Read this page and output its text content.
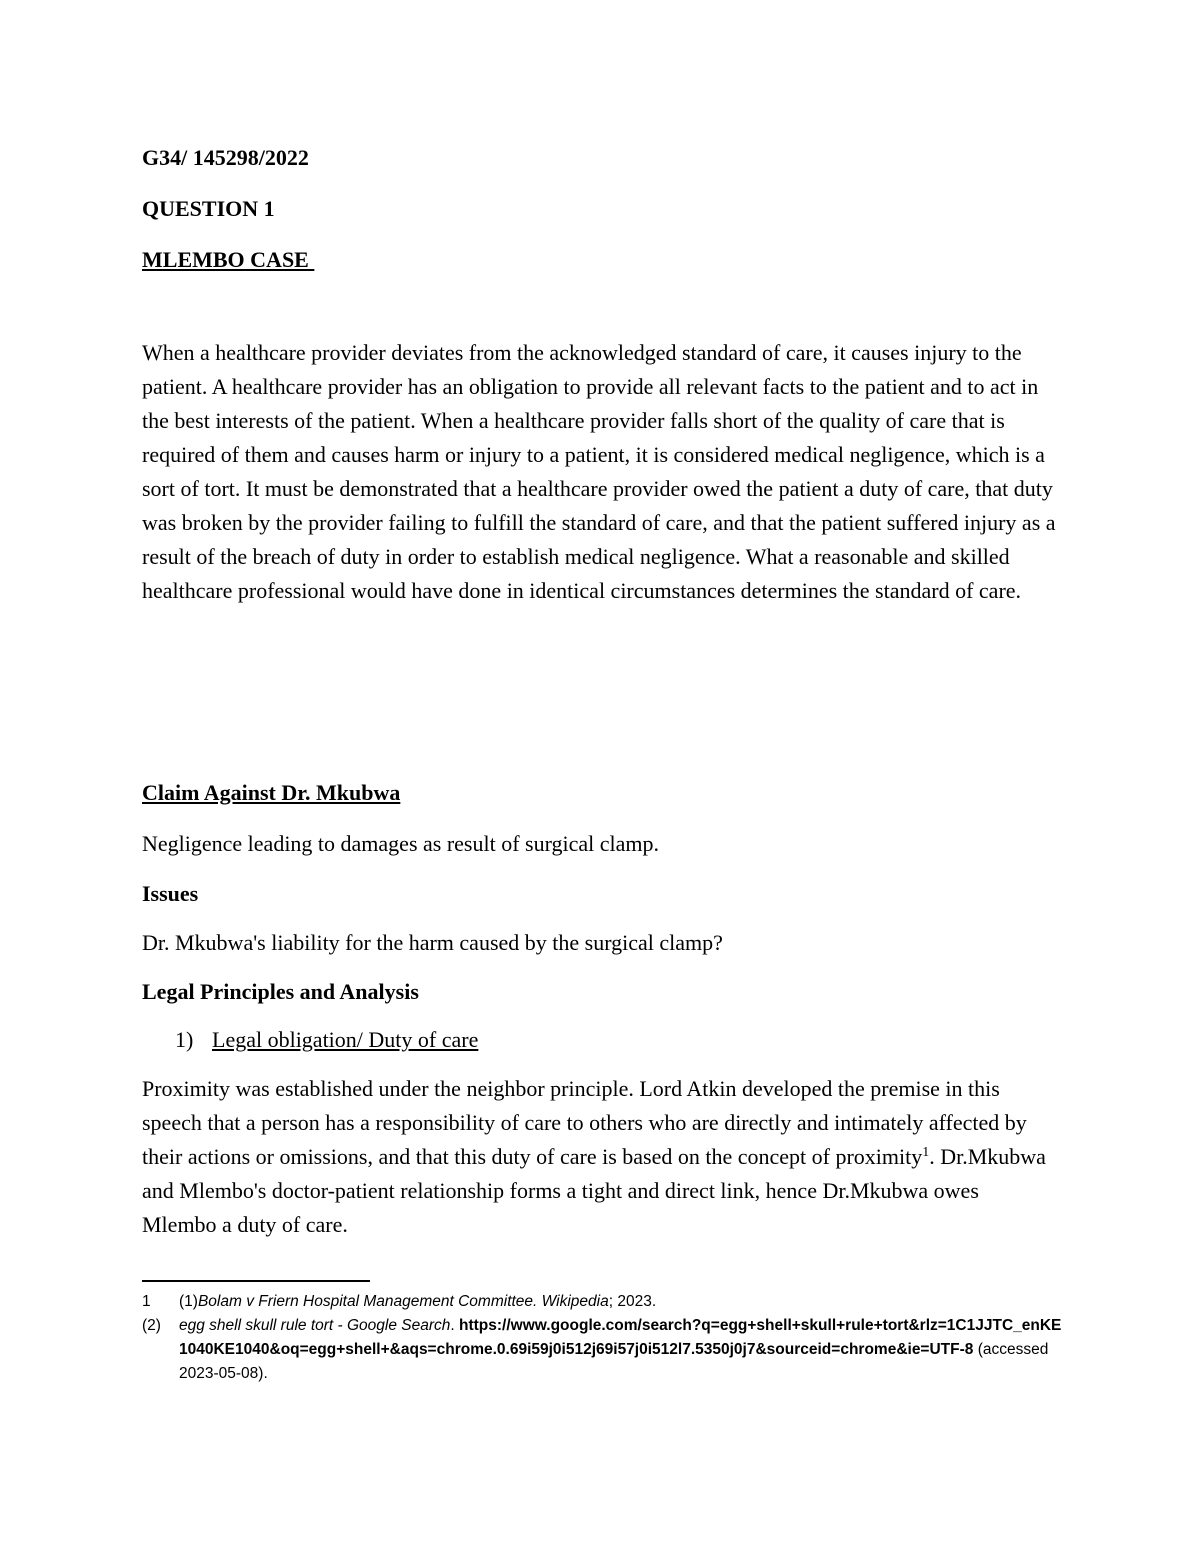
G34/ 145298/2022
QUESTION 1
MLEMBO CASE
When a healthcare provider deviates from the acknowledged standard of care, it causes injury to the patient. A healthcare provider has an obligation to provide all relevant facts to the patient and to act in the best interests of the patient. When a healthcare provider falls short of the quality of care that is required of them and causes harm or injury to a patient, it is considered medical negligence, which is a sort of tort. It must be demonstrated that a healthcare provider owed the patient a duty of care, that duty was broken by the provider failing to fulfill the standard of care, and that the patient suffered injury as a result of the breach of duty in order to establish medical negligence. What a reasonable and skilled healthcare professional would have done in identical circumstances determines the standard of care.
Claim Against Dr. Mkubwa
Negligence leading to damages as result of surgical clamp.
Issues
Dr. Mkubwa's liability for the harm caused by the surgical clamp?
Legal Principles and Analysis
1) Legal obligation/ Duty of care
Proximity was established under the neighbor principle. Lord Atkin developed the premise in this speech that a person has a responsibility of care to others who are directly and intimately affected by their actions or omissions, and that this duty of care is based on the concept of proximity$^1$. Dr.Mkubwa and Mlembo's doctor-patient relationship forms a tight and direct link, hence Dr.Mkubwa owes Mlembo a duty of care.
1 (1)Bolam v Friern Hospital Management Committee. Wikipedia; 2023.
(2) egg shell skull rule tort - Google Search. https://www.google.com/search?q=egg+shell+skull+rule+tort&rlz=1C1JJTC_enKE1040KE1040&oq=egg+shell+&aqs=chrome.0.69i59j0i512j69i57j0i512l7.5350j0j7&sourceid=chrome&ie=UTF-8 (accessed 2023-05-08).
